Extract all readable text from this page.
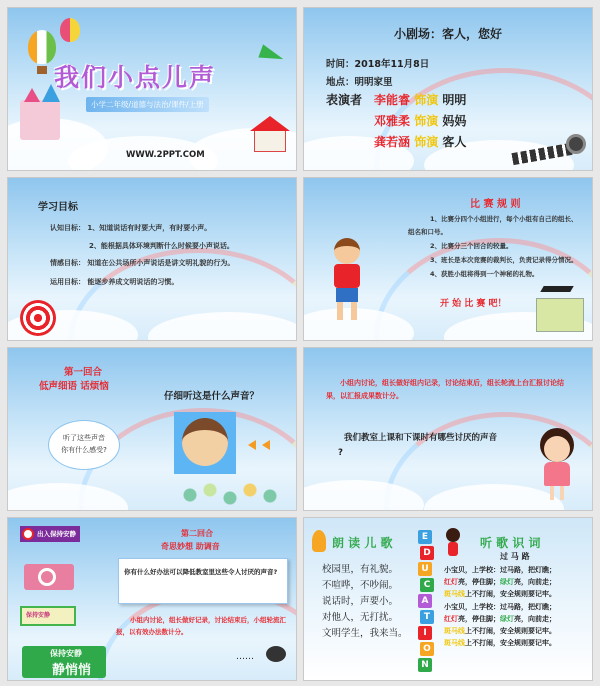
我们小点儿声
小学二年级/道德与法治/课件/上册
WWW.2PPT.COM
小剧场：客人，您好
时间：2018年11月8日
地点：明明家里
表演者 李能睿 饰演 明明
邓雅柔 饰演 妈妈
龚若涵 饰演 客人
学习目标
认知目标： 1、知道说话有时要大声，有时要小声。
2、能根据具体环境判断什么时候要小声说话。
情感目标： 知道在公共场所小声说话是讲文明礼貌的行为。
运用目标： 能逐步养成文明说话的习惯。
比 赛 规 则
1、比赛分四个小组进行，每个小组有自己的组长、
组名和口号。
2、比赛分三个回合的较量。
3、班长是本次竞赛的裁判长，负责记录得分情况。
4、获胜小组将得到一个神秘的礼物。
开 始 比 赛 吧！
第一回合
低声细语 话烦恼
仔细听这是什么声音？
听了这些声音
你有什么感受?
小组内讨论，组长做好组内记录，讨论结束后，组长轮流上台汇报讨论结果，以汇报成果数计分。
我们教室上课和下课时有哪些讨厌的声音
?
出入保持安静
保持安静
保持安静
静悄悄
第二回合
奇思妙想 助调音
你有什么好办法可以降低教室里这些令人讨厌的声音?
小组内讨论，组长做好记录，讨论结束后，小组轮流汇报，以有效办法数计分。
……
朗 读 儿 歌
校园里，有礼貌。
不喧哗，不吵闹。
说话时，声要小。
对他人，无打扰。
文明学生，我来当。
E
D
U
C
A
T
I
O
N
听 歌 识 词
过 马 路
小宝贝，上学校：过马路，把灯瞧；
红灯亮，停住脚；绿灯亮，向前走；
斑马线上不打闹，安全规则要记牢。
小宝贝，上学校：过马路，把灯瞧；
红灯亮，停住脚；绿灯亮，向前走；
斑马线上不打闹，安全规则要记牢。
斑马线上不打闹，安全规则要记牢。
